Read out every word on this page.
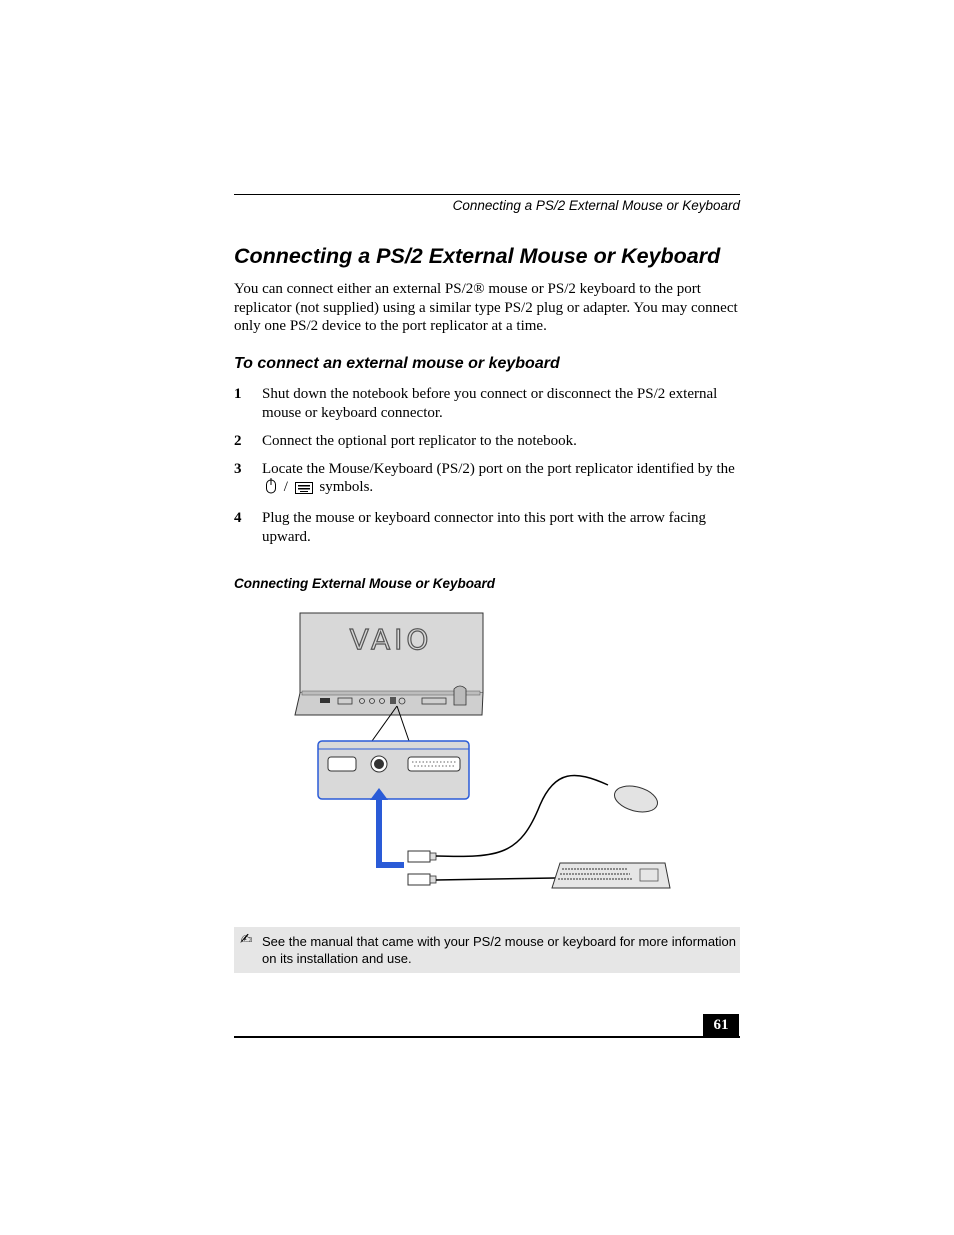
Connecting a PS/2 External Mouse or Keyboard
Connecting a PS/2 External Mouse or Keyboard

You can connect either an external PS/2® mouse or PS/2 keyboard to the port replicator (not supplied) using a similar type PS/2 plug or adapter. You may connect only one PS/2 device to the port replicator at a time.

To connect an external mouse or keyboard
1 Shut down the notebook before you connect or disconnect the PS/2 external mouse or keyboard connector.
2 Connect the optional port replicator to the notebook.
3 Locate the Mouse/Keyboard (PS/2) port on the port replicator identified by the  / symbols.
4 Plug the mouse or keyboard connector into this port with the arrow facing upward.

Connecting External Mouse or Keyboard

VAIO
✍ See the manual that came with your PS/2 mouse or keyboard for more information on its installation and use.
61
